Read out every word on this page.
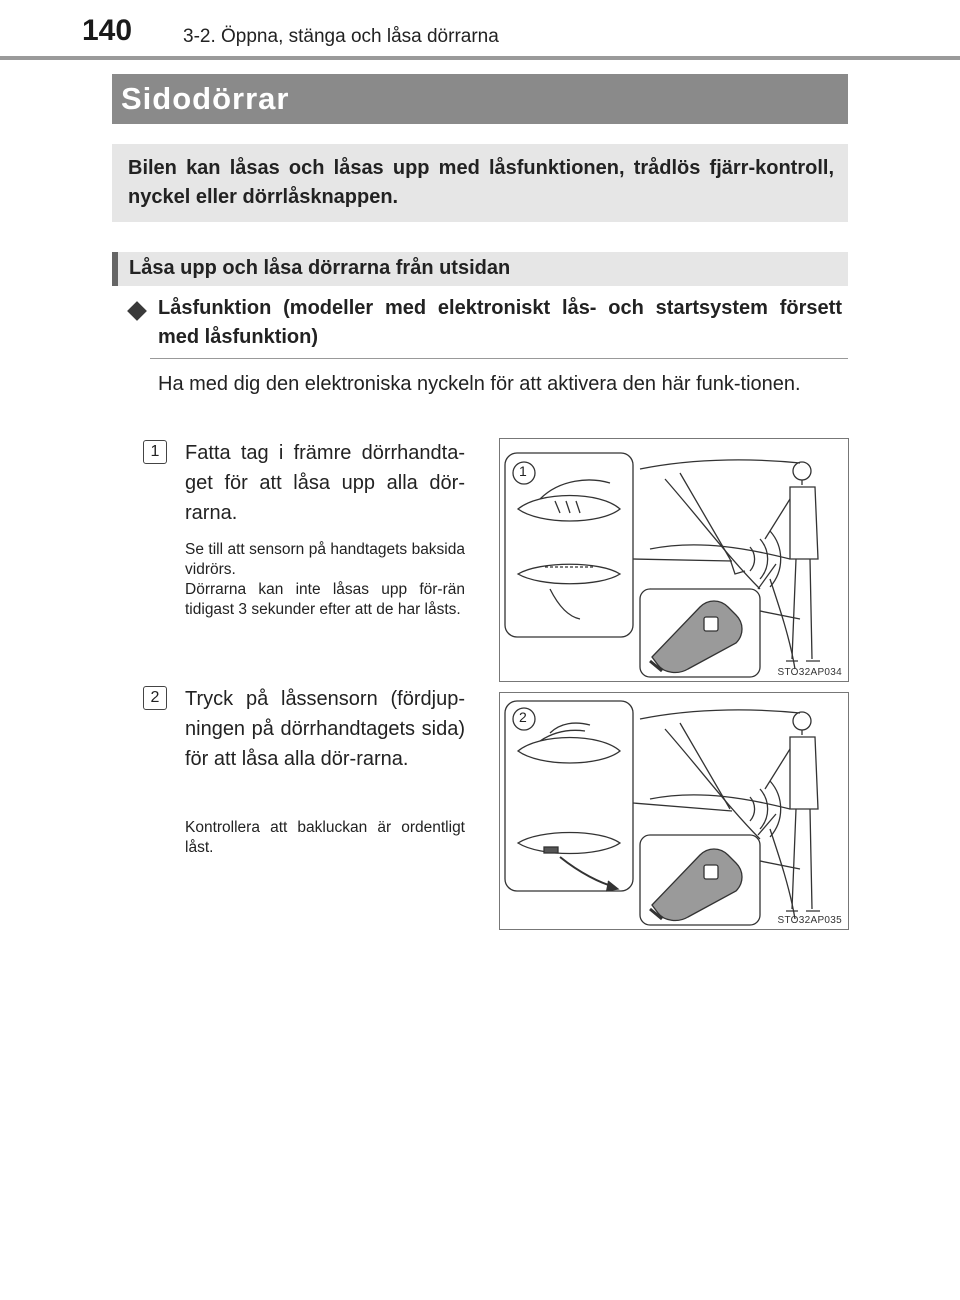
140	3-2. Öppna, stänga och låsa dörrarna
Sidodörrar
Bilen kan låsas och låsas upp med låsfunktionen, trådlös fjärr-kontroll, nyckel eller dörrlåsknappen.
Låsa upp och låsa dörrarna från utsidan
Låsfunktion (modeller med elektroniskt lås- och startsystem försett med låsfunktion)
Ha med dig den elektroniska nyckeln för att aktivera den här funk-tionen.
1	Fatta tag i främre dörrhandta-get för att låsa upp alla dör-rarna.
Se till att sensorn på handtagets baksida vidrörs.
Dörrarna kan inte låsas upp för-rän tidigast 3 sekunder efter att de har låsts.
STO32AP034
1
2	Tryck på låssensorn (fördjup-ningen på dörrhandtagets sida) för att låsa alla dör-rarna.
Kontrollera att bakluckan är ordentligt låst.
STO32AP035
2
